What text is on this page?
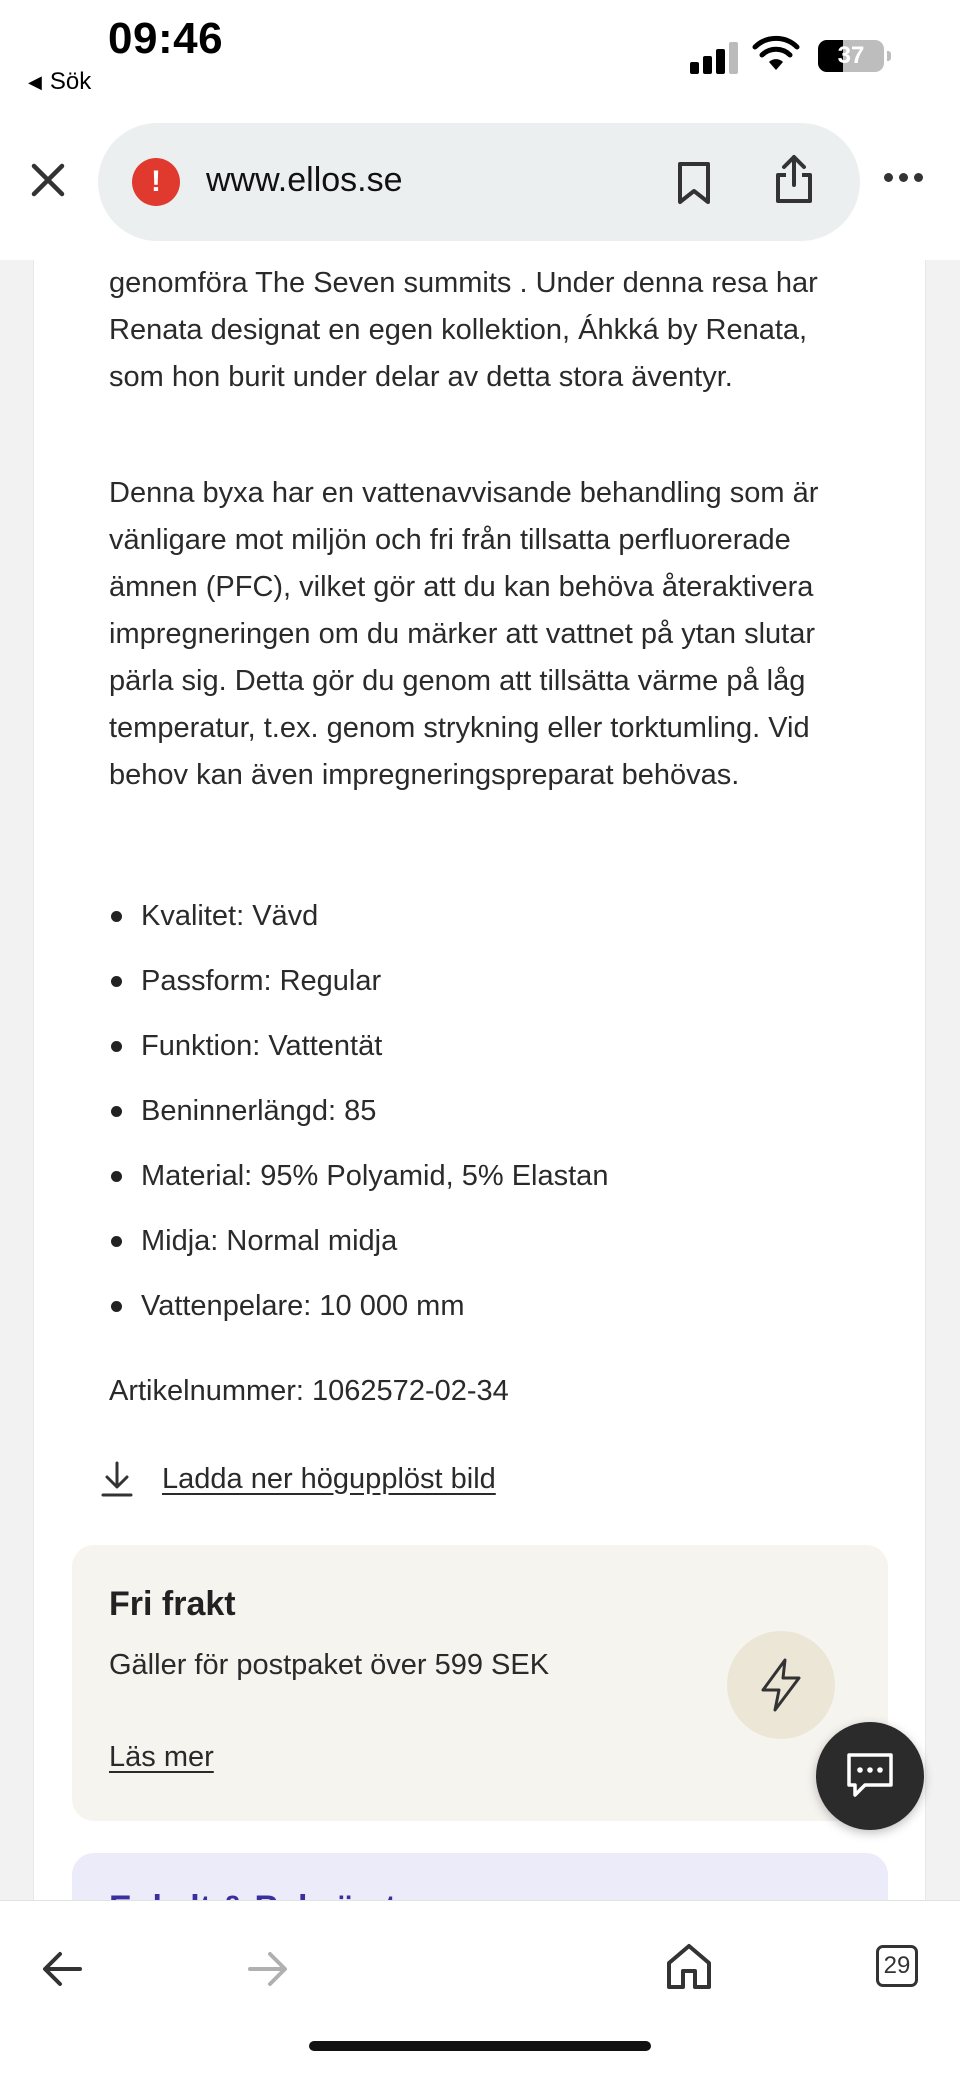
09:46
◀ Sök
37
!	www.ellos.se

genomföra The Seven summits . Under denna resa har Renata designat en egen kollektion, Áhkká by Renata, som hon burit under delar av detta stora äventyr.

Denna byxa har en vattenavvisande behandling som är vänligare mot miljön och fri från tillsatta perfluorerade ämnen (PFC), vilket gör att du kan behöva återaktivera impregneringen om du märker att vattnet på ytan slutar pärla sig. Detta gör du genom att tillsätta värme på låg temperatur, t.ex. genom strykning eller torktumling. Vid behov kan även impregneringspreparat behövas.

Kvalitet: Vävd
Passform: Regular
Funktion: Vattentät
Beninnerlängd: 85
Material: 95% Polyamid, 5% Elastan
Midja: Normal midja
Vattenpelare: 10 000 mm
Artikelnummer: 1062572-02-34
Ladda ner högupplöst bild
Fri frakt
Gäller för postpaket över 599 SEK
Läs mer
29
